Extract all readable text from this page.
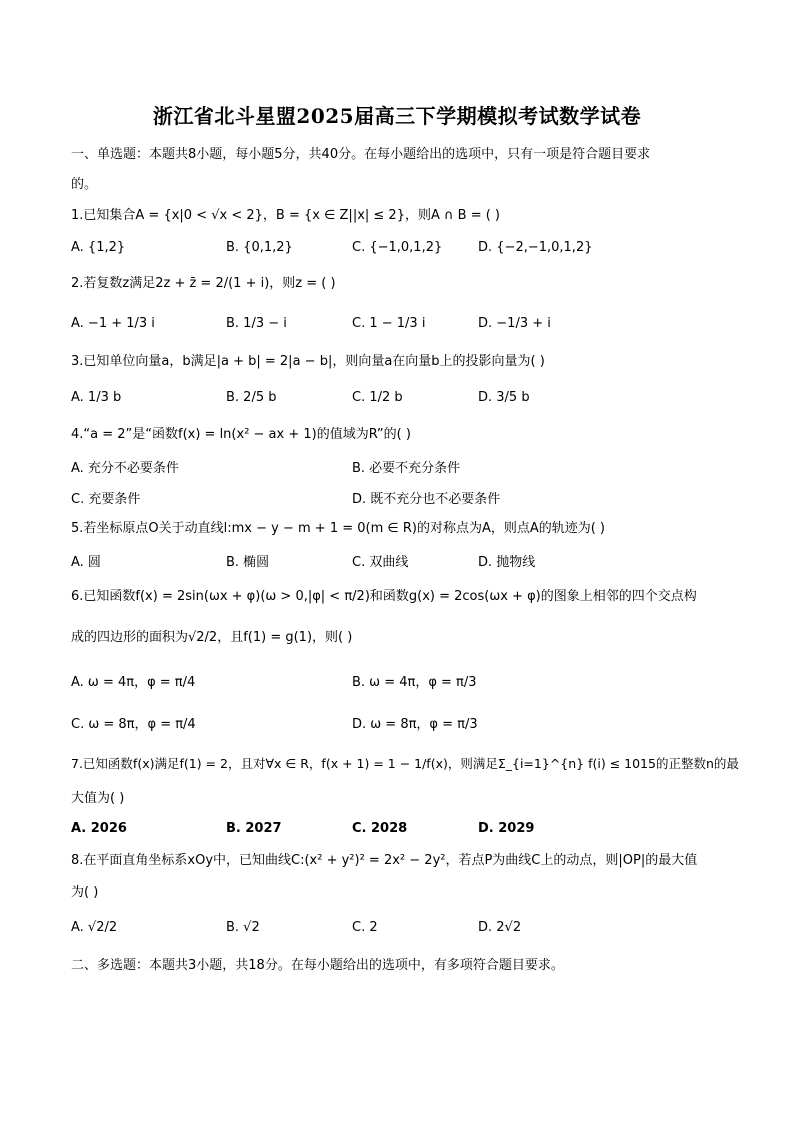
浙江省北斗星盟2025届高三下学期模拟考试数学试卷
一、单选题：本题共8小题，每小题5分，共40分。在每小题给出的选项中，只有一项是符合题目要求
的。
1.已知集合A = {x|0 < √x < 2}，B = {x ∈ Z||x| ≤ 2}，则A ∩ B = ( )
A. {1,2}	B. {0,1,2}	C. {−1,0,1,2}	D. {−2,−1,0,1,2}
2.若复数z满足2z + z̄ = 2/(1 + i)，则z = ( )
A. −1 + 1/3 i	B. 1/3 − i	C. 1 − 1/3 i	D. −1/3 + i
3.已知单位向量a，b满足|a + b| = 2|a − b|，则向量a在向量b上的投影向量为( )
A. 1/3 b	B. 2/5 b	C. 1/2 b	D. 3/5 b
4.“a = 2”是“函数f(x) = ln(x² − ax + 1)的值域为R”的( )
A. 充分不必要条件	B. 必要不充分条件
C. 充要条件	D. 既不充分也不必要条件
5.若坐标原点O关于动直线l:mx − y − m + 1 = 0(m ∈ R)的对称点为A，则点A的轨迹为( )
A. 圆	B. 椭圆	C. 双曲线	D. 抛物线
6.已知函数f(x) = 2sin(ωx + φ)(ω > 0,|φ| < π/2)和函数g(x) = 2cos(ωx + φ)的图象上相邻的四个交点构
成的四边形的面积为√2/2，且f(1) = g(1)，则( )
A. ω = 4π，φ = π/4	B. ω = 4π，φ = π/3
C. ω = 8π，φ = π/4	D. ω = 8π，φ = π/3
7.已知函数f(x)满足f(1) = 2，且对∀x ∈ R，f(x + 1) = 1 − 1/f(x)，则满足Σ_{i=1}^{n} f(i) ≤ 1015的正整数n的最
大值为( )
A. 2026	B. 2027	C. 2028	D. 2029
8.在平面直角坐标系xOy中，已知曲线C:(x² + y²)² = 2x² − 2y²，若点P为曲线C上的动点，则|OP|的最大值
为( )
A. √2/2	B. √2	C. 2	D. 2√2
二、多选题：本题共3小题，共18分。在每小题给出的选项中，有多项符合题目要求。
